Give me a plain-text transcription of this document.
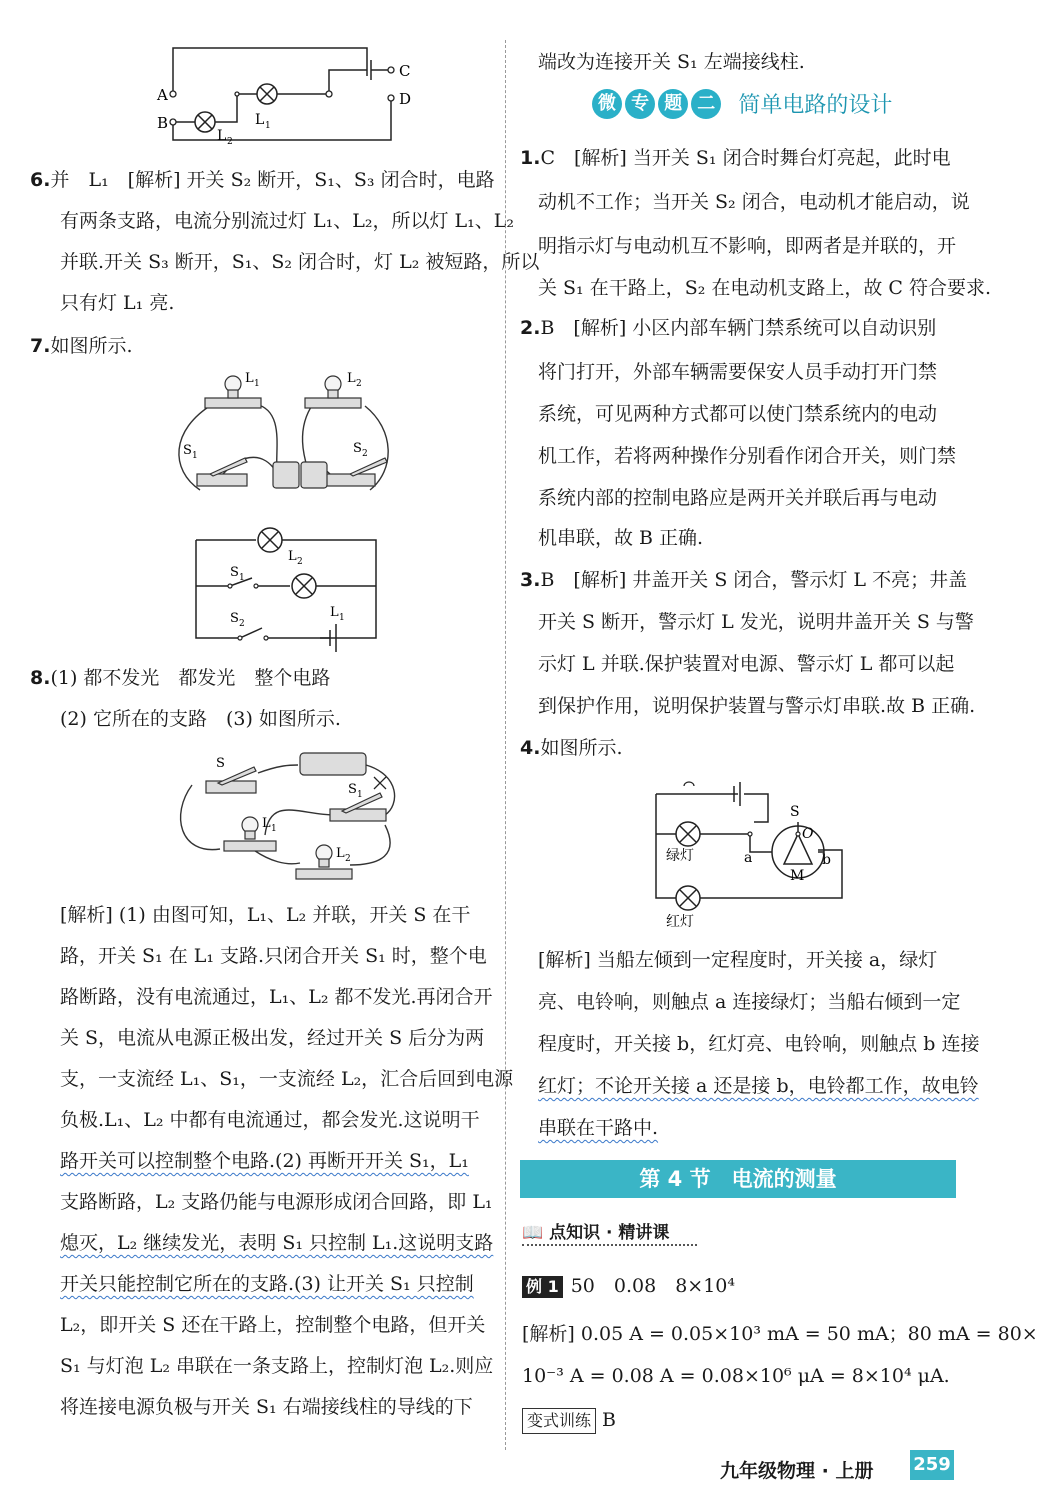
A
B
C
D
L 1
L 2
6.并　L₁　[解析] 开关 S₂ 断开，S₁、S₃ 闭合时，电路
有两条支路，电流分别流过灯 L₁、L₂，所以灯 L₁、L₂
并联.开关 S₃ 断开，S₁、S₂ 闭合时，灯 L₂ 被短路，所以
只有灯 L₁ 亮.
7.如图所示.
L 1	L 2
S 1	S 2
L 2
S 1
L 1
S 2
8.(1) 都不发光　都发光　整个电路
(2) 它所在的支路　(3) 如图所示.
S
S 1
L 1
L 2
[解析] (1) 由图可知，L₁、L₂ 并联，开关 S 在干
路，开关 S₁ 在 L₁ 支路.只闭合开关 S₁ 时，整个电
路断路，没有电流通过，L₁、L₂ 都不发光.再闭合开
关 S，电流从电源正极出发，经过开关 S 后分为两
支，一支流经 L₁、S₁，一支流经 L₂，汇合后回到电源
负极.L₁、L₂ 中都有电流通过，都会发光.这说明干
路开关可以控制整个电路.(2) 再断开开关 S₁，L₁
支路断路，L₂ 支路仍能与电源形成闭合回路，即 L₁
熄灭，L₂ 继续发光，表明 S₁ 只控制 L₁.这说明支路
开关只能控制它所在的支路.(3) 让开关 S₁ 只控制
L₂，即开关 S 还在干路上，控制整个电路，但开关
S₁ 与灯泡 L₂ 串联在一条支路上，控制灯泡 L₂.则应
将连接电源负极与开关 S₁ 右端接线柱的导线的下
端改为连接开关 S₁ 左端接线柱.
微 专 题 二 简单电路的设计
1.C　[解析] 当开关 S₁ 闭合时舞台灯亮起，此时电
动机不工作；当开关 S₂ 闭合，电动机才能启动，说
明指示灯与电动机互不影响，即两者是并联的，开
关 S₁ 在干路上，S₂ 在电动机支路上，故 C 符合要求.
2.B　[解析] 小区内部车辆门禁系统可以自动识别
将门打开，外部车辆需要保安人员手动打开门禁
系统，可见两种方式都可以使门禁系统内的电动
机工作，若将两种操作分别看作闭合开关，则门禁
系统内部的控制电路应是两开关并联后再与电动
机串联，故 B 正确.
3.B　[解析] 井盖开关 S 闭合，警示灯 L 不亮；井盖
开关 S 断开，警示灯 L 发光，说明井盖开关 S 与警
示灯 L 并联.保护装置对电源、警示灯 L 都可以起
到保护作用，说明保护装置与警示灯串联.故 B 正确.
4.如图所示.
S
O
M
a	b
绿灯
红灯
[解析] 当船左倾到一定程度时，开关接 a，绿灯
亮、电铃响，则触点 a 连接绿灯；当船右倾到一定
程度时，开关接 b，红灯亮、电铃响，则触点 b 连接
红灯；不论开关接 a 还是接 b，电铃都工作，故电铃
串联在干路中.
第 4 节　电流的测量
📖 点知识 · 精讲课
例 1 50　0.08　8×10⁴
[解析] 0.05 A = 0.05×10³ mA = 50 mA；80 mA = 80×
10⁻³ A = 0.08 A = 0.08×10⁶ μA = 8×10⁴ μA.
变式训练 B
九年级物理 · 上册 259
